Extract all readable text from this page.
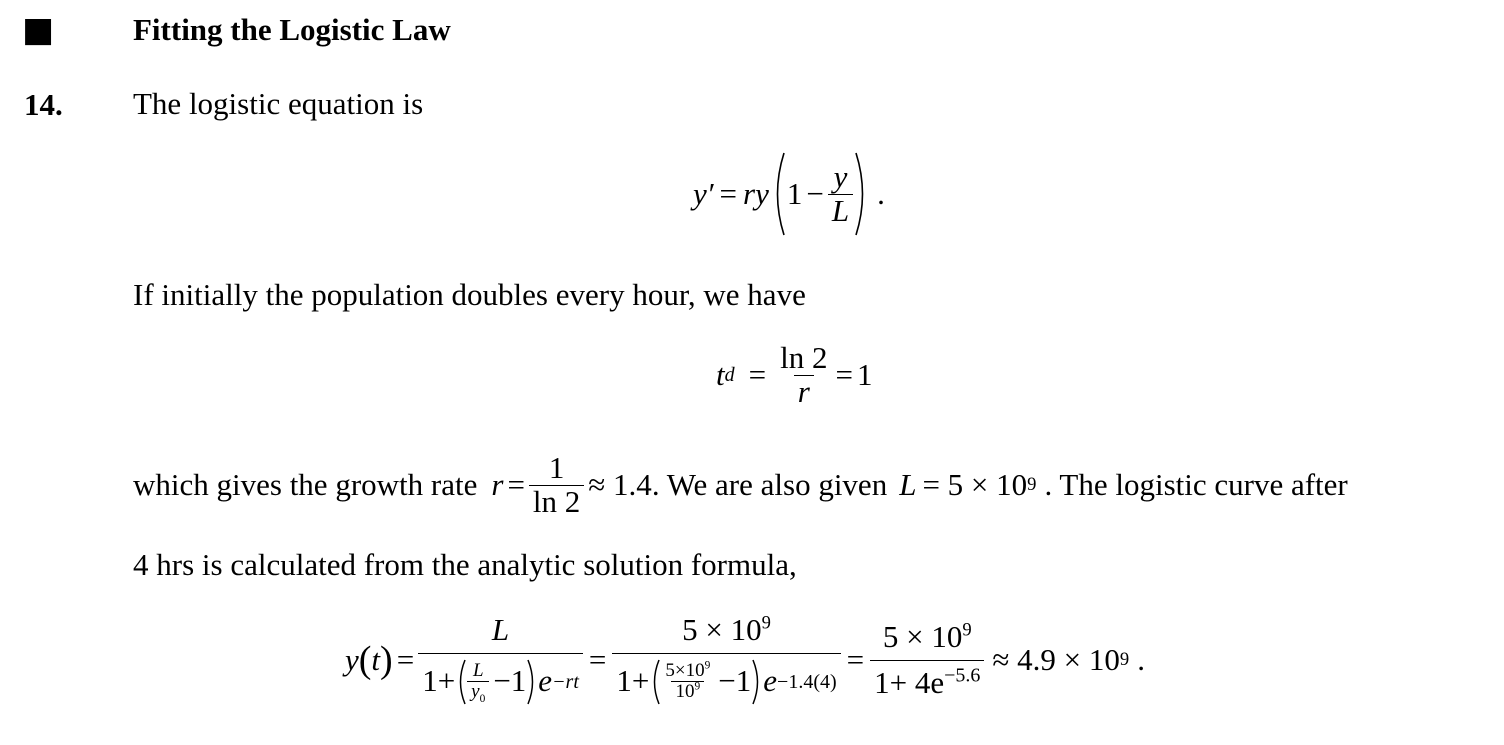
■	Fitting the Logistic Law
14. The logistic equation is
y′ = r y $1 - \frac{y}{L}$ .
If initially the population doubles every hour, we have
t $d = \frac{\ln 2}{r} = 1$
which gives the growth rate $r = \frac{1}{\ln 2} \approx 1.4$ . We are also given L = 5 × 10 9 . The logistic curve after
4 hrs is calculated from the analytic solution formula,
y ( t ) =
L
$1+ \frac{L}{y_0} -1$ e −rt
=
$5 \times 10^9$
$1+ \frac{5\times 10^9}{10^9} -1$ e −1.4(4)
= $\frac{5 \times 10^9}{1+ 4e^{-5.6}} \approx 4.9 \times 10$ 9 .
